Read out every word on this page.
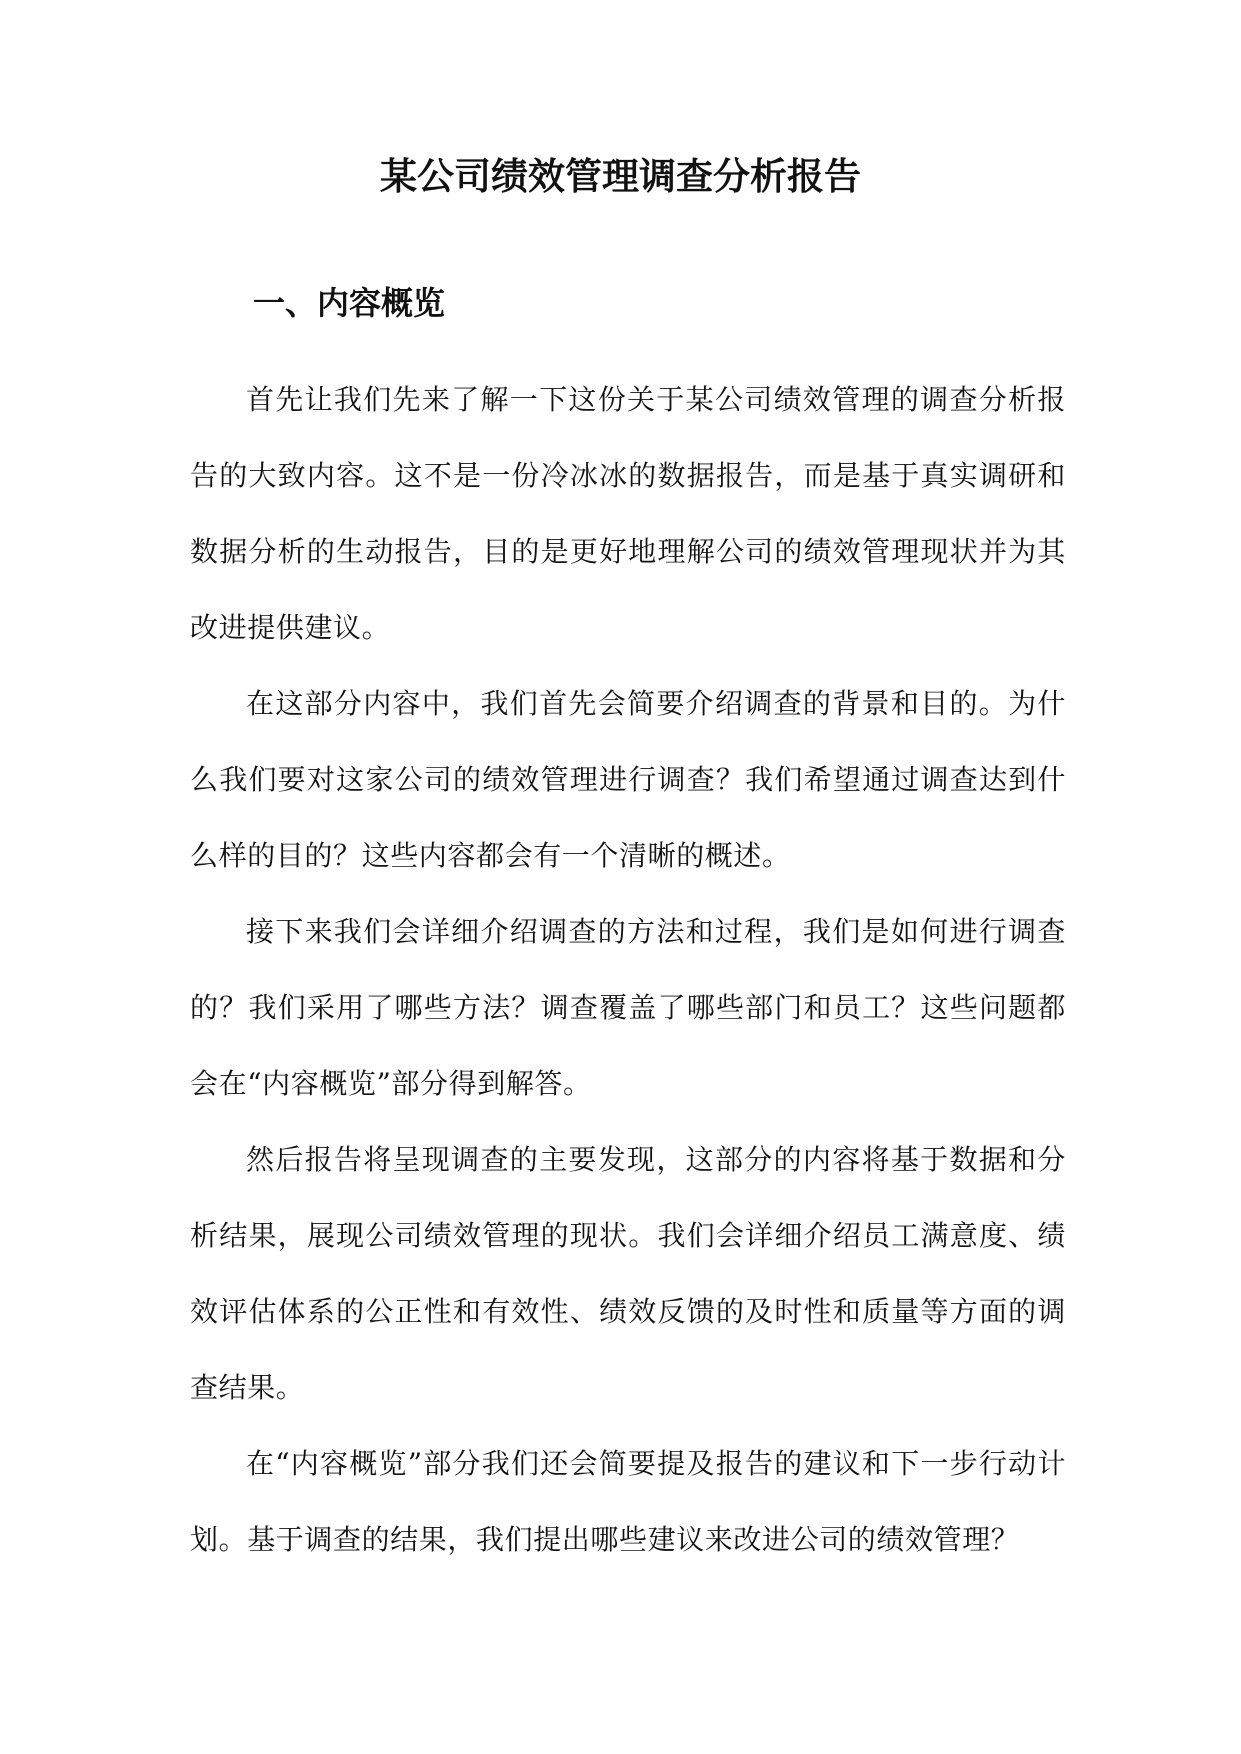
某公司绩效管理调查分析报告
一、内容概览

首先让我们先来了解一下这份关于某公司绩效管理的调查分析报告的大致内容。这不是一份冷冰冰的数据报告，而是基于真实调研和数据分析的生动报告，目的是更好地理解公司的绩效管理现状并为其改进提供建议。

在这部分内容中，我们首先会简要介绍调查的背景和目的。为什么我们要对这家公司的绩效管理进行调查？我们希望通过调查达到什么样的目的？这些内容都会有一个清晰的概述。

接下来我们会详细介绍调查的方法和过程，我们是如何进行调查的？我们采用了哪些方法？调查覆盖了哪些部门和员工？这些问题都会在“内容概览”部分得到解答。

然后报告将呈现调查的主要发现，这部分的内容将基于数据和分析结果，展现公司绩效管理的现状。我们会详细介绍员工满意度、绩效评估体系的公正性和有效性、绩效反馈的及时性和质量等方面的调查结果。

在“内容概览”部分我们还会简要提及报告的建议和下一步行动计划。基于调查的结果，我们提出哪些建议来改进公司的绩效管理？
